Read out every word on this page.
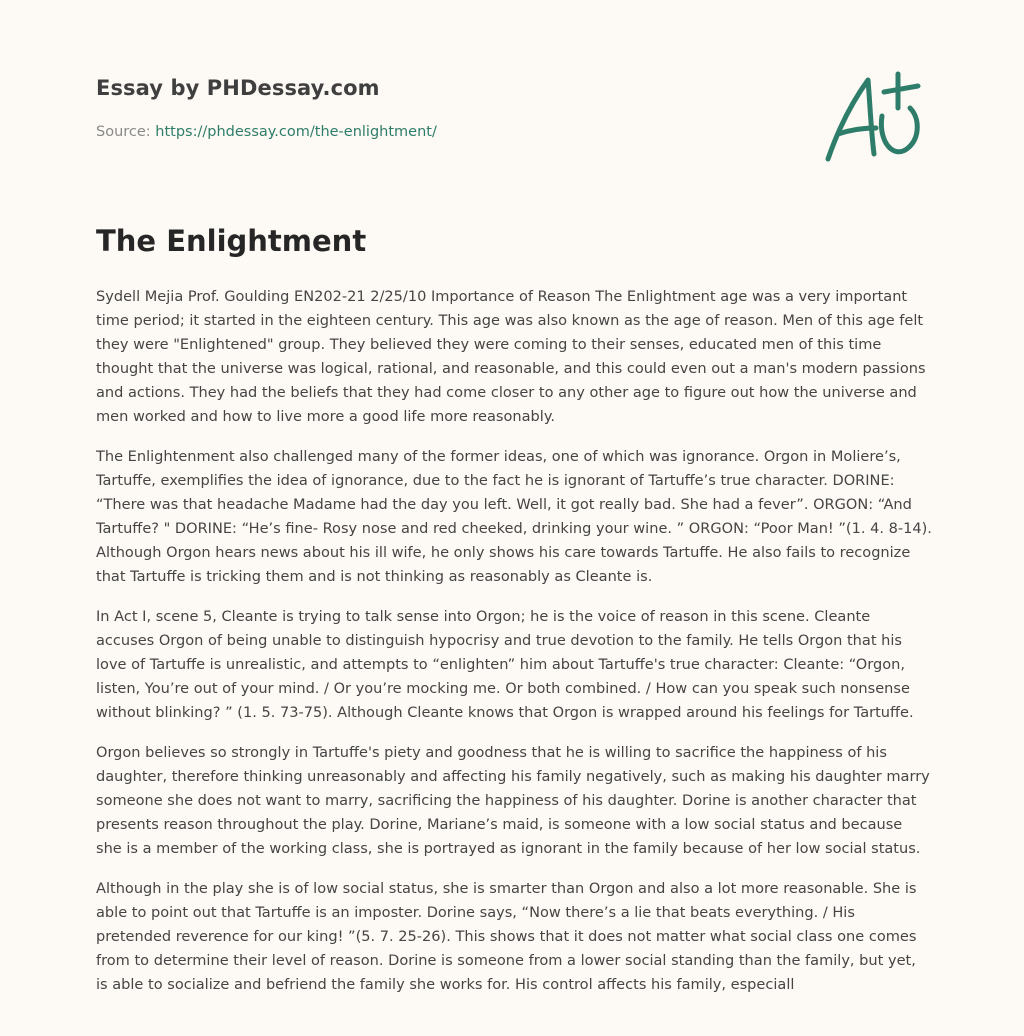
Essay by PHDessay.com
Source: https://phdessay.com/the-enlightment/
The Enlightment

Sydell Mejia Prof. Goulding EN202-21 2/25/10 Importance of Reason The Enlightment age was a very important time period; it started in the eighteen century. This age was also known as the age of reason. Men of this age felt they were "Enlightened" group. They believed they were coming to their senses, educated men of this time thought that the universe was logical, rational, and reasonable, and this could even out a man's modern passions and actions. They had the beliefs that they had come closer to any other age to figure out how the universe and men worked and how to live more a good life more reasonably.

The Enlightenment also challenged many of the former ideas, one of which was ignorance. Orgon in Moliere’s, Tartuffe, exemplifies the idea of ignorance, due to the fact he is ignorant of Tartuffe’s true character. DORINE: “There was that headache Madame had the day you left. Well, it got really bad. She had a fever”. ORGON: “And Tartuffe? " DORINE: “He’s fine- Rosy nose and red cheeked, drinking your wine. ” ORGON: “Poor Man! ”(1. 4. 8-14). Although Orgon hears news about his ill wife, he only shows his care towards Tartuffe. He also fails to recognize that Tartuffe is tricking them and is not thinking as reasonably as Cleante is.

In Act I, scene 5, Cleante is trying to talk sense into Orgon; he is the voice of reason in this scene. Cleante accuses Orgon of being unable to distinguish hypocrisy and true devotion to the family. He tells Orgon that his love of Tartuffe is unrealistic, and attempts to “enlighten” him about Tartuffe's true character: Cleante: “Orgon, listen, You’re out of your mind. / Or you’re mocking me. Or both combined. / How can you speak such nonsense without blinking? ” (1. 5. 73-75). Although Cleante knows that Orgon is wrapped around his feelings for Tartuffe.

Orgon believes so strongly in Tartuffe's piety and goodness that he is willing to sacrifice the happiness of his daughter, therefore thinking unreasonably and affecting his family negatively, such as making his daughter marry someone she does not want to marry, sacrificing the happiness of his daughter. Dorine is another character that presents reason throughout the play. Dorine, Mariane’s maid, is someone with a low social status and because she is a member of the working class, she is portrayed as ignorant in the family because of her low social status.

Although in the play she is of low social status, she is smarter than Orgon and also a lot more reasonable. She is able to point out that Tartuffe is an imposter. Dorine says, “Now there’s a lie that beats everything. / His pretended reverence for our king! ”(5. 7. 25-26). This shows that it does not matter what social class one comes from to determine their level of reason. Dorine is someone from a lower social standing than the family, but yet, is able to socialize and befriend the family she works for. His control affects his family, especiall
